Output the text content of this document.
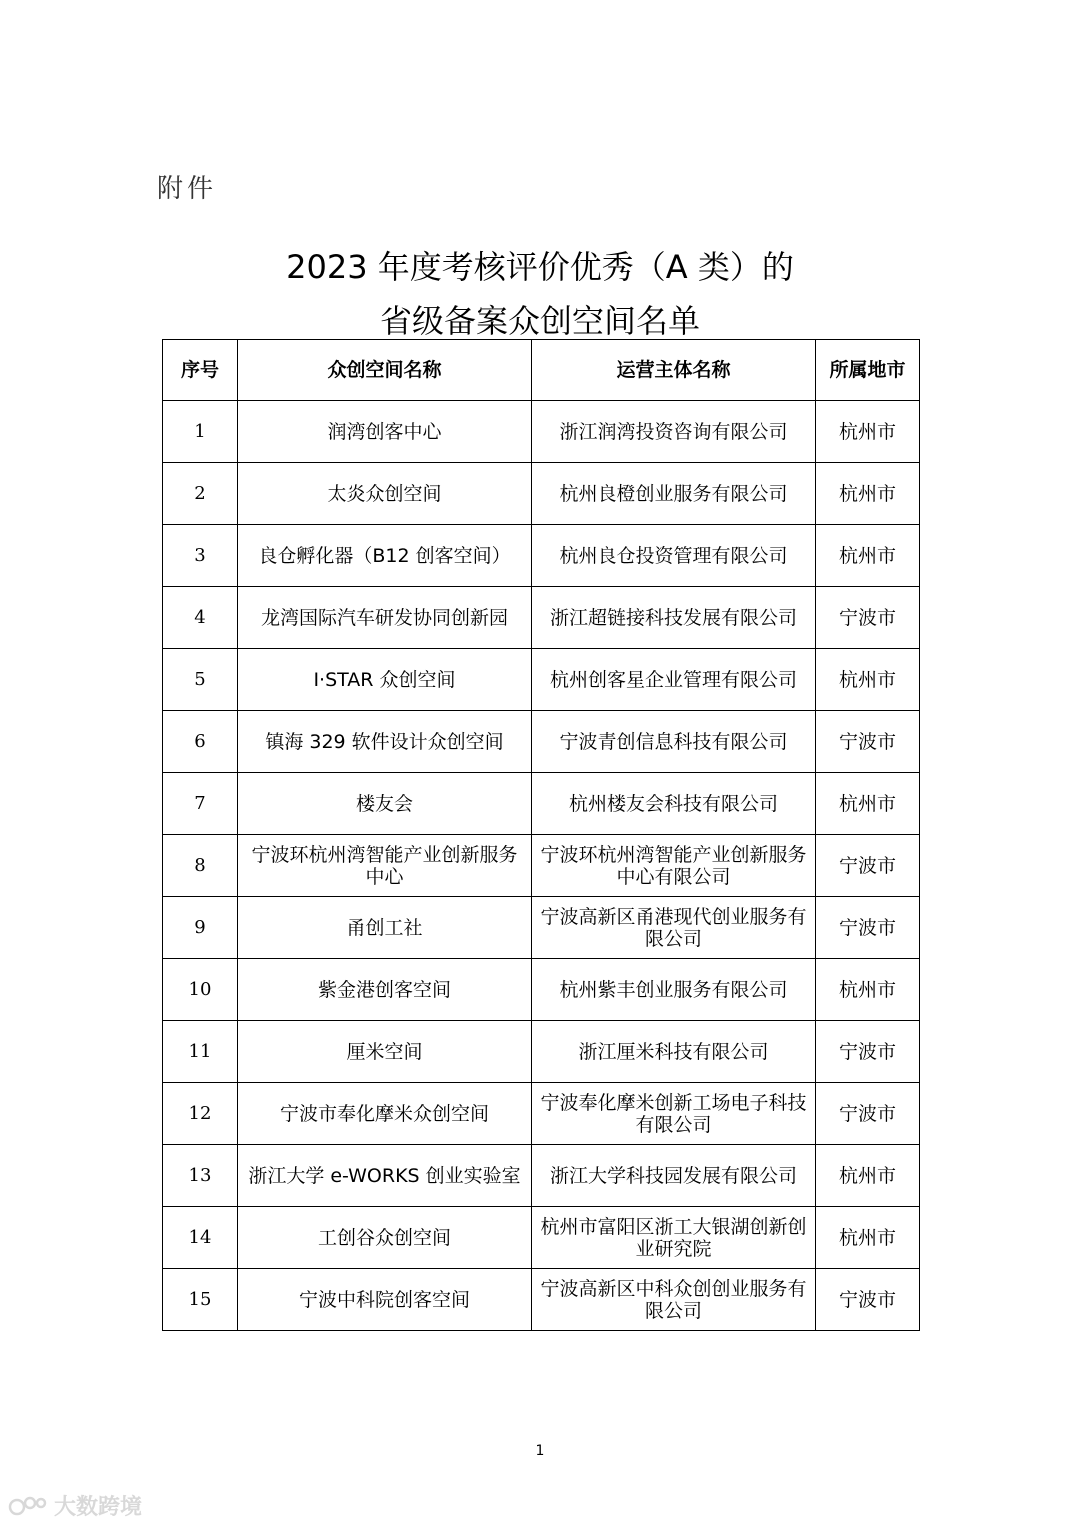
附件
2023 年度考核评价优秀（A 类）的
省级备案众创空间名单
序号	众创空间名称	运营主体名称	所属地市
1	润湾创客中心	浙江润湾投资咨询有限公司	杭州市
2	太炎众创空间	杭州良橙创业服务有限公司	杭州市
3	良仓孵化器（B12 创客空间）	杭州良仓投资管理有限公司	杭州市
4	龙湾国际汽车研发协同创新园	浙江超链接科技发展有限公司	宁波市
5	I·STAR 众创空间	杭州创客星企业管理有限公司	杭州市
6	镇海 329 软件设计众创空间	宁波青创信息科技有限公司	宁波市
7	楼友会	杭州楼友会科技有限公司	杭州市
8	宁波环杭州湾智能产业创新服务中心	宁波环杭州湾智能产业创新服务中心有限公司	宁波市
9	甬创工社	宁波高新区甬港现代创业服务有限公司	宁波市
10	紫金港创客空间	杭州紫丰创业服务有限公司	杭州市
11	厘米空间	浙江厘米科技有限公司	宁波市
12	宁波市奉化摩米众创空间	宁波奉化摩米创新工场电子科技有限公司	宁波市
13	浙江大学 e-WORKS 创业实验室	浙江大学科技园发展有限公司	杭州市
14	工创谷众创空间	杭州市富阳区浙工大银湖创新创业研究院	杭州市
15	宁波中科院创客空间	宁波高新区中科众创创业服务有限公司	宁波市
1
大数跨境
